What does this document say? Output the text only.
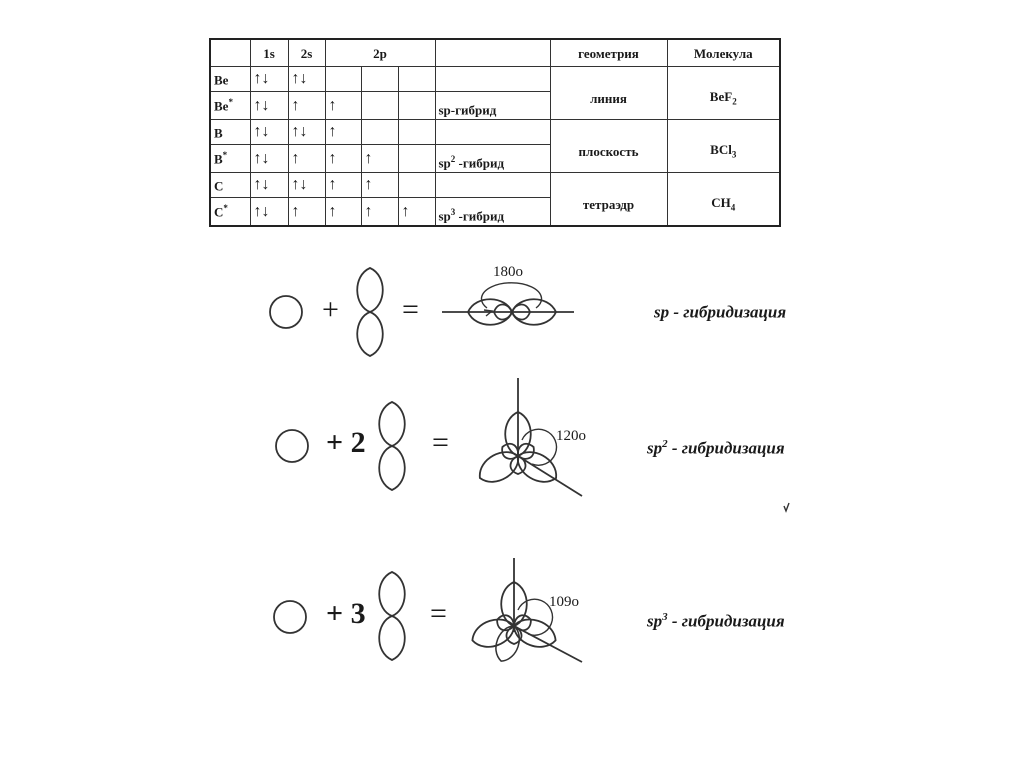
	1s	2s	2p				геометрия	Молекула
Be	↑↓	↑↓					линия	BeF$_2$
Be*	↑↓	↑	↑			sp-гибрид		
B	↑↓	↑↓	↑				плоскость	BCl$_3$
B*	↑↓	↑	↑	↑		$sp^2$ -гибрид		
C	↑↓	↑↓	↑	↑			тетраэдр	$CH_4$
C*	↑↓	↑	↑	↑	↑	$sp^3$ -гибрид		
+ =
+ 2 =
+ 3 =
180o
120o
109o
sp - гибридизация
$sp^2$ - гибридизация
$sp^3$ - гибридизация
